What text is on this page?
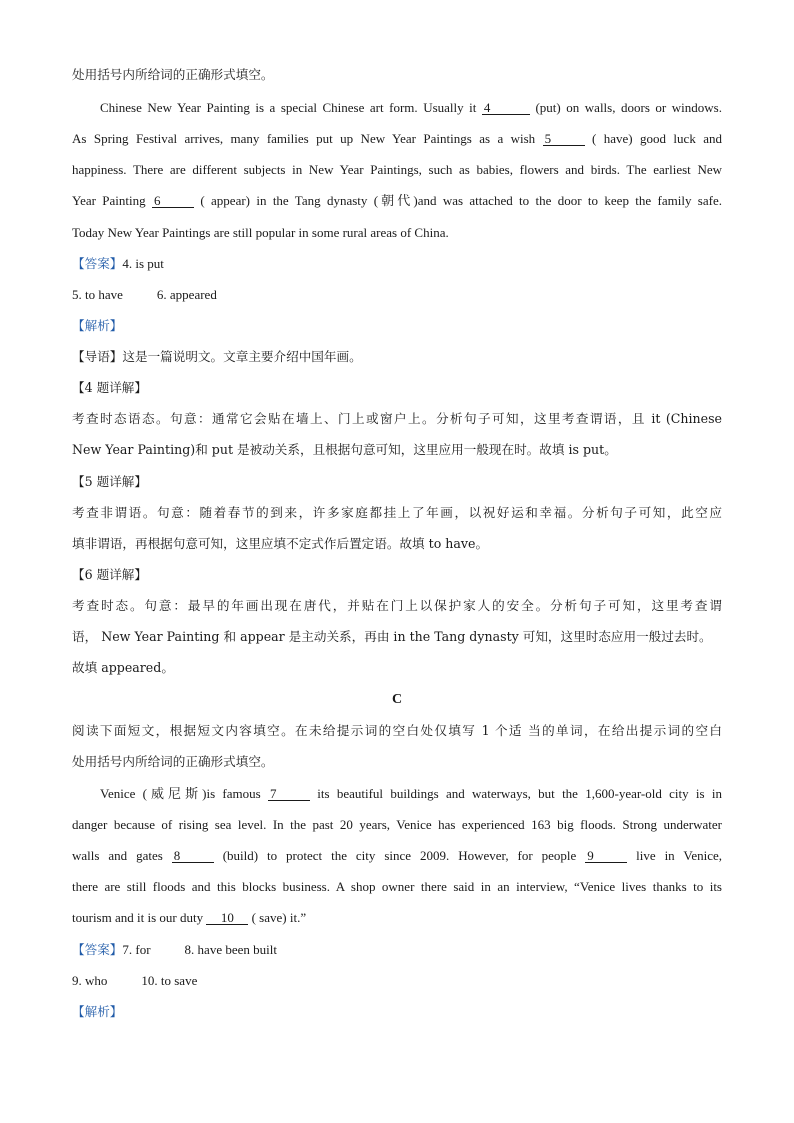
处用括号内所给词的正确形式填空。
Chinese New Year Painting is a special Chinese art form. Usually it 4	(put) on walls, doors or windows.
As Spring Festival arrives, many families put up New Year Paintings as a wish 5	( have) good luck and
happiness. There are different subjects in New Year Paintings, such as babies, flowers and birds. The earliest New
Year Painting 6	( appear) in the Tang dynasty (朝代)and was attached to the door to keep the family safe.
Today New Year Paintings are still popular in some rural areas of China.
【答案】4. is put
5. to have	6. appeared
【解析】
【导语】这是一篇说明文。文章主要介绍中国年画。
【4 题详解】
考查时态语态。句意：通常它会贴在墙上、门上或窗户上。分析句子可知，这里考查谓语，且 it (Chinese
New Year Painting)和 put 是被动关系，且根据句意可知，这里应用一般现在时。故填 is put。
【5 题详解】
考查非谓语。句意：随着春节的到来，许多家庭都挂上了年画，以祝好运和幸福。分析句子可知，此空应
填非谓语，再根据句意可知，这里应填不定式作后置定语。故填 to have。
【6 题详解】
考查时态。句意：最早的年画出现在唐代，并贴在门上以保护家人的安全。分析句子可知，这里考查谓
语， New Year Painting 和 appear 是主动关系，再由 in the Tang dynasty 可知，这里时态应用一般过去时。
故填 appeared。
C
阅读下面短文，根据短文内容填空。在未给提示词的空白处仅填写 1 个适 当的单词，在给出提示词的空白
处用括号内所给词的正确形式填空。
Venice (威尼斯)is famous 7	its beautiful buildings and waterways, but the 1,600-year-old city is in
danger because of rising sea level. In the past 20 years, Venice has experienced 163 big floods. Strong underwater
walls and gates 8	(build) to protect the city since 2009. However, for people 9	live in Venice,
there are still floods and this blocks business. A shop owner there said in an interview, “Venice lives thanks to its
tourism and it is our duty 10 ( save) it.”
【答案】7. for	8. have been built
9. who	10. to save
【解析】
